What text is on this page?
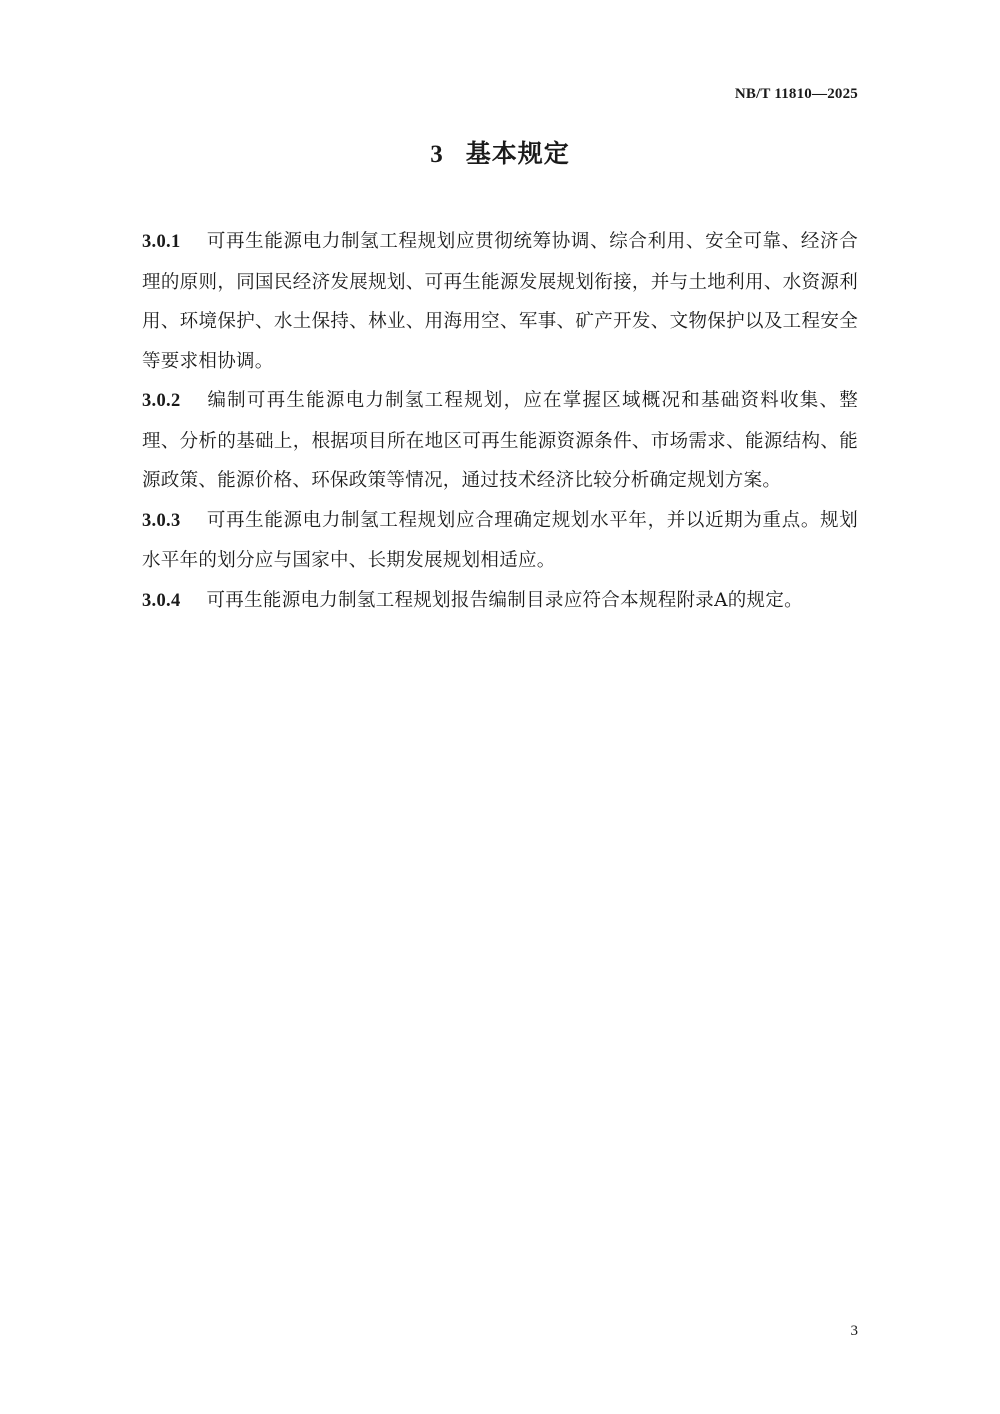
NB/T 11810—2025
3 基本规定

3.0.1 可再生能源电力制氢工程规划应贯彻统筹协调、综合利用、安全可靠、经济合理的原则，同国民经济发展规划、可再生能源发展规划衔接，并与土地利用、水资源利用、环境保护、水土保持、林业、用海用空、军事、矿产开发、文物保护以及工程安全等要求相协调。

3.0.2 编制可再生能源电力制氢工程规划，应在掌握区域概况和基础资料收集、整理、分析的基础上，根据项目所在地区可再生能源资源条件、市场需求、能源结构、能源政策、能源价格、环保政策等情况，通过技术经济比较分析确定规划方案。

3.0.3 可再生能源电力制氢工程规划应合理确定规划水平年，并以近期为重点。规划水平年的划分应与国家中、长期发展规划相适应。

3.0.4 可再生能源电力制氢工程规划报告编制目录应符合本规程附录A的规定。

3
